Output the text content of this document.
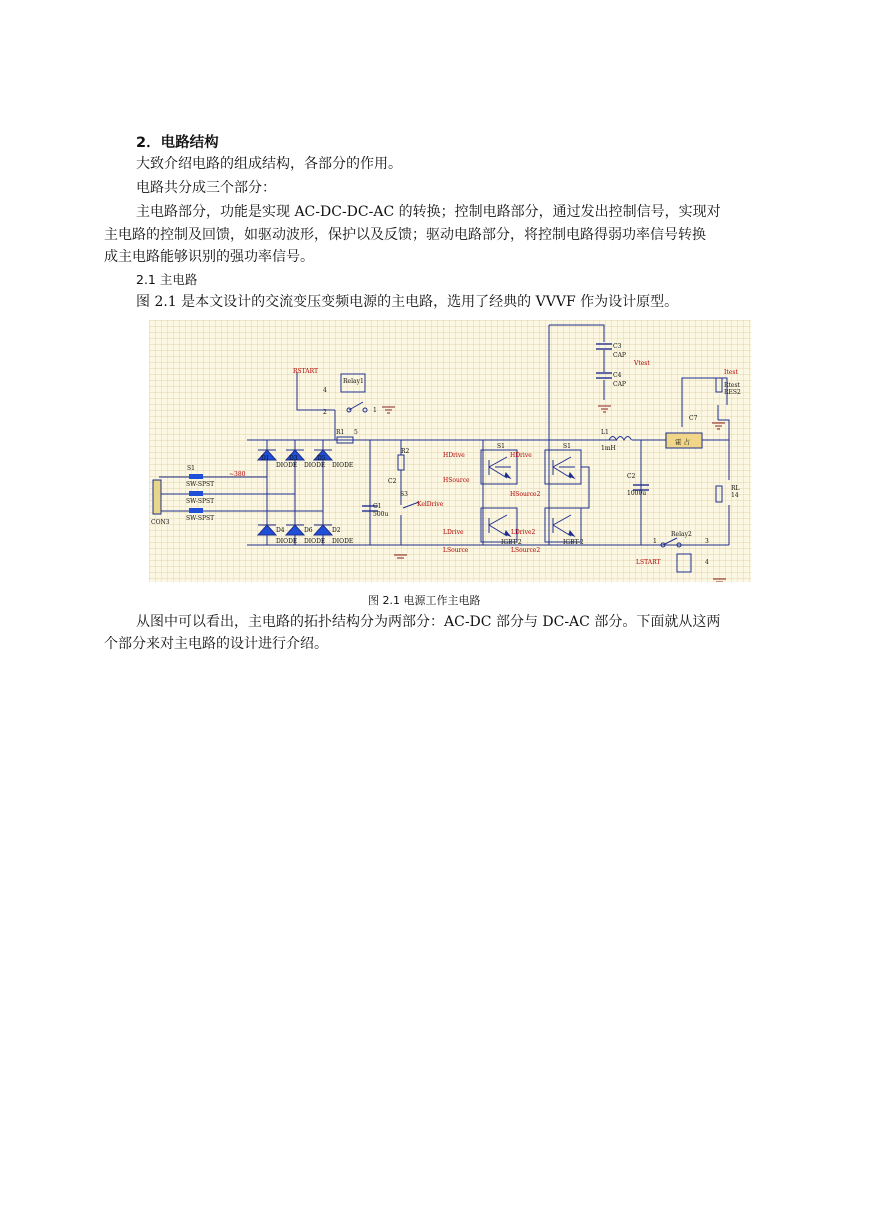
2．电路结构
大致介绍电路的组成结构，各部分的作用。
电路共分成三个部分：
主电路部分，功能是实现 AC-DC-DC-AC 的转换；控制电路部分，通过发出控制信号，实现对
主电路的控制及回馈，如驱动波形，保护以及反馈；驱动电路部分，将控制电路得弱功率信号转换
成主电路能够识别的强功率信号。
2.1 主电路
图 2.1 是本文设计的交流变压变频电源的主电路，选用了经典的 VVVF 作为设计原型。
RSTART
Relay1
4
2	1
R1 5
D1	D3	D5
DIODE DIODE DIODE
D4	D6	D2
DIODE DIODE DIODE
S1
SW-SPST
SW-SPST
SW-SPST
CON3
~380
R2
C2
C1
500u
S3
KelDrive
HDrive
HSource
S1
HDrive
HSource2
S1
LDrive
LSource
IGBT-2
LDrive2
LSource2
IGBT-2
L1
1mH
C2
1000u
C3
CAP
C4
CAP
Vtest
Itest
Rtest
RES2
C7
霍 占
RL
14
Relay2
1	3
4
LSTART
图 2.1 电源工作主电路
从图中可以看出，主电路的拓扑结构分为两部分：AC-DC 部分与 DC-AC 部分。下面就从这两
个部分来对主电路的设计进行介绍。
